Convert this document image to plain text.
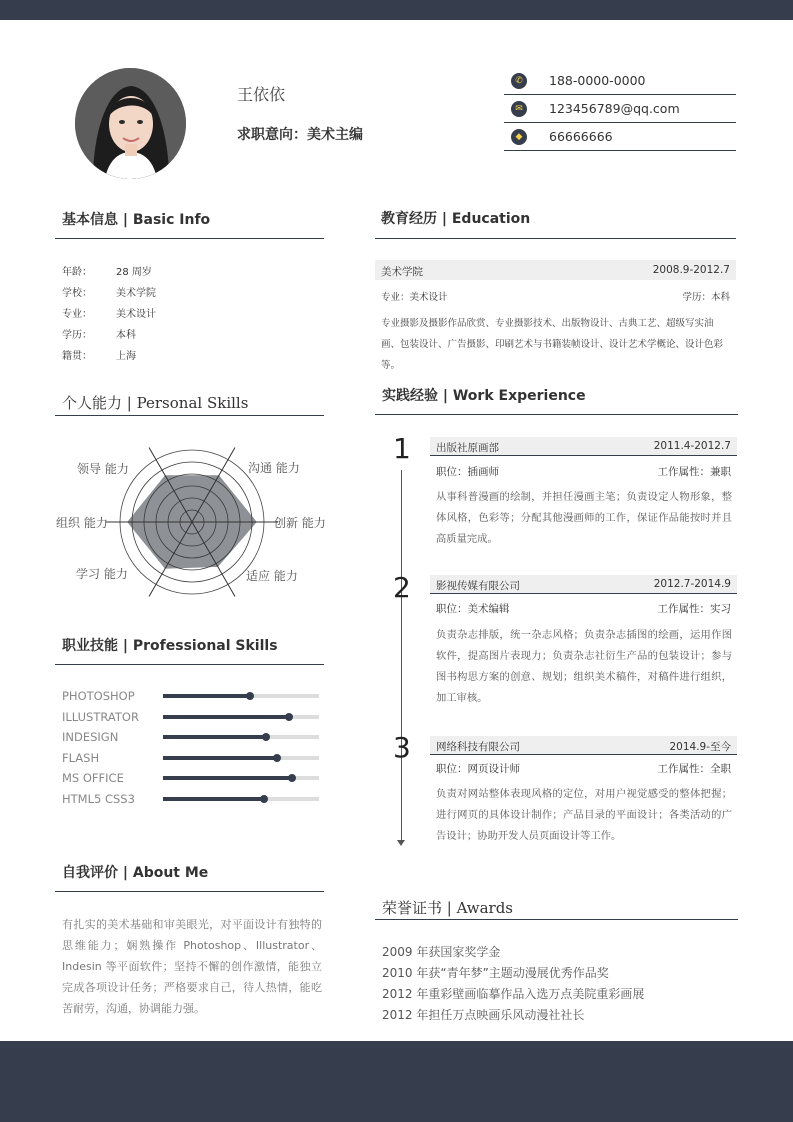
王依依
求职意向：美术主编
✆	188-0000-0000
✉	123456789@qq.com
◆	66666666
基本信息 | Basic Info
年龄： 28 周岁
学校： 美术学院
专业： 美术设计
学历： 本科
籍贯： 上海
教育经历 | Education
美术学院	2008.9-2012.7
专业：美术设计	学历：本科
专业摄影及摄影作品欣赏、专业摄影技术、出版物设计、古典工艺、超级写实油画、包装设计、广告摄影、印刷艺术与书籍装帧设计、设计艺术学概论、设计色彩等。
个人能力 | Personal Skills
沟通 能力
创新 能力
适应 能力
学习 能力
组织 能力
领导 能力
职业技能 | Professional Skills
PHOTOSHOP
ILLUSTRATOR
INDESIGN
FLASH
MS OFFICE
HTML5 CSS3
自我评价 | About Me
有扎实的美术基础和审美眼光，对平面设计有独特的思维能力；娴熟操作 Photoshop、Illustrator、Indesin 等平面软件；坚持不懈的创作激情，能独立完成各项设计任务；严格要求自己，待人热情，能吃苦耐劳，沟通，协调能力强。
实践经验 | Work Experience
1 出版社原画部	2011.4-2012.7
职位：插画师	工作属性：兼职
从事科普漫画的绘制，并担任漫画主笔；负责设定人物形象，整体风格，色彩等；分配其他漫画师的工作，保证作品能按时并且高质量完成。
2 影视传媒有限公司	2012.7-2014.9
职位：美术编辑	工作属性：实习
负责杂志排版，统一杂志风格；负责杂志插图的绘画，运用作图软件，提高图片表现力；负责杂志社衍生产品的包装设计；参与图书构思方案的创意、规划；组织美术稿件，对稿件进行组织，加工审核。
3 网络科技有限公司	2014.9-至今
职位：网页设计师	工作属性：全职
负责对网站整体表现风格的定位，对用户视觉感受的整体把握；进行网页的具体设计制作；产品目录的平面设计；各类活动的广告设计；协助开发人员页面设计等工作。
荣誉证书 | Awards
2009 年获国家奖学金
2010 年获“青年梦”主题动漫展优秀作品奖
2012 年重彩壁画临摹作品入选万点美院重彩画展
2012 年担任万点映画乐风动漫社社长
